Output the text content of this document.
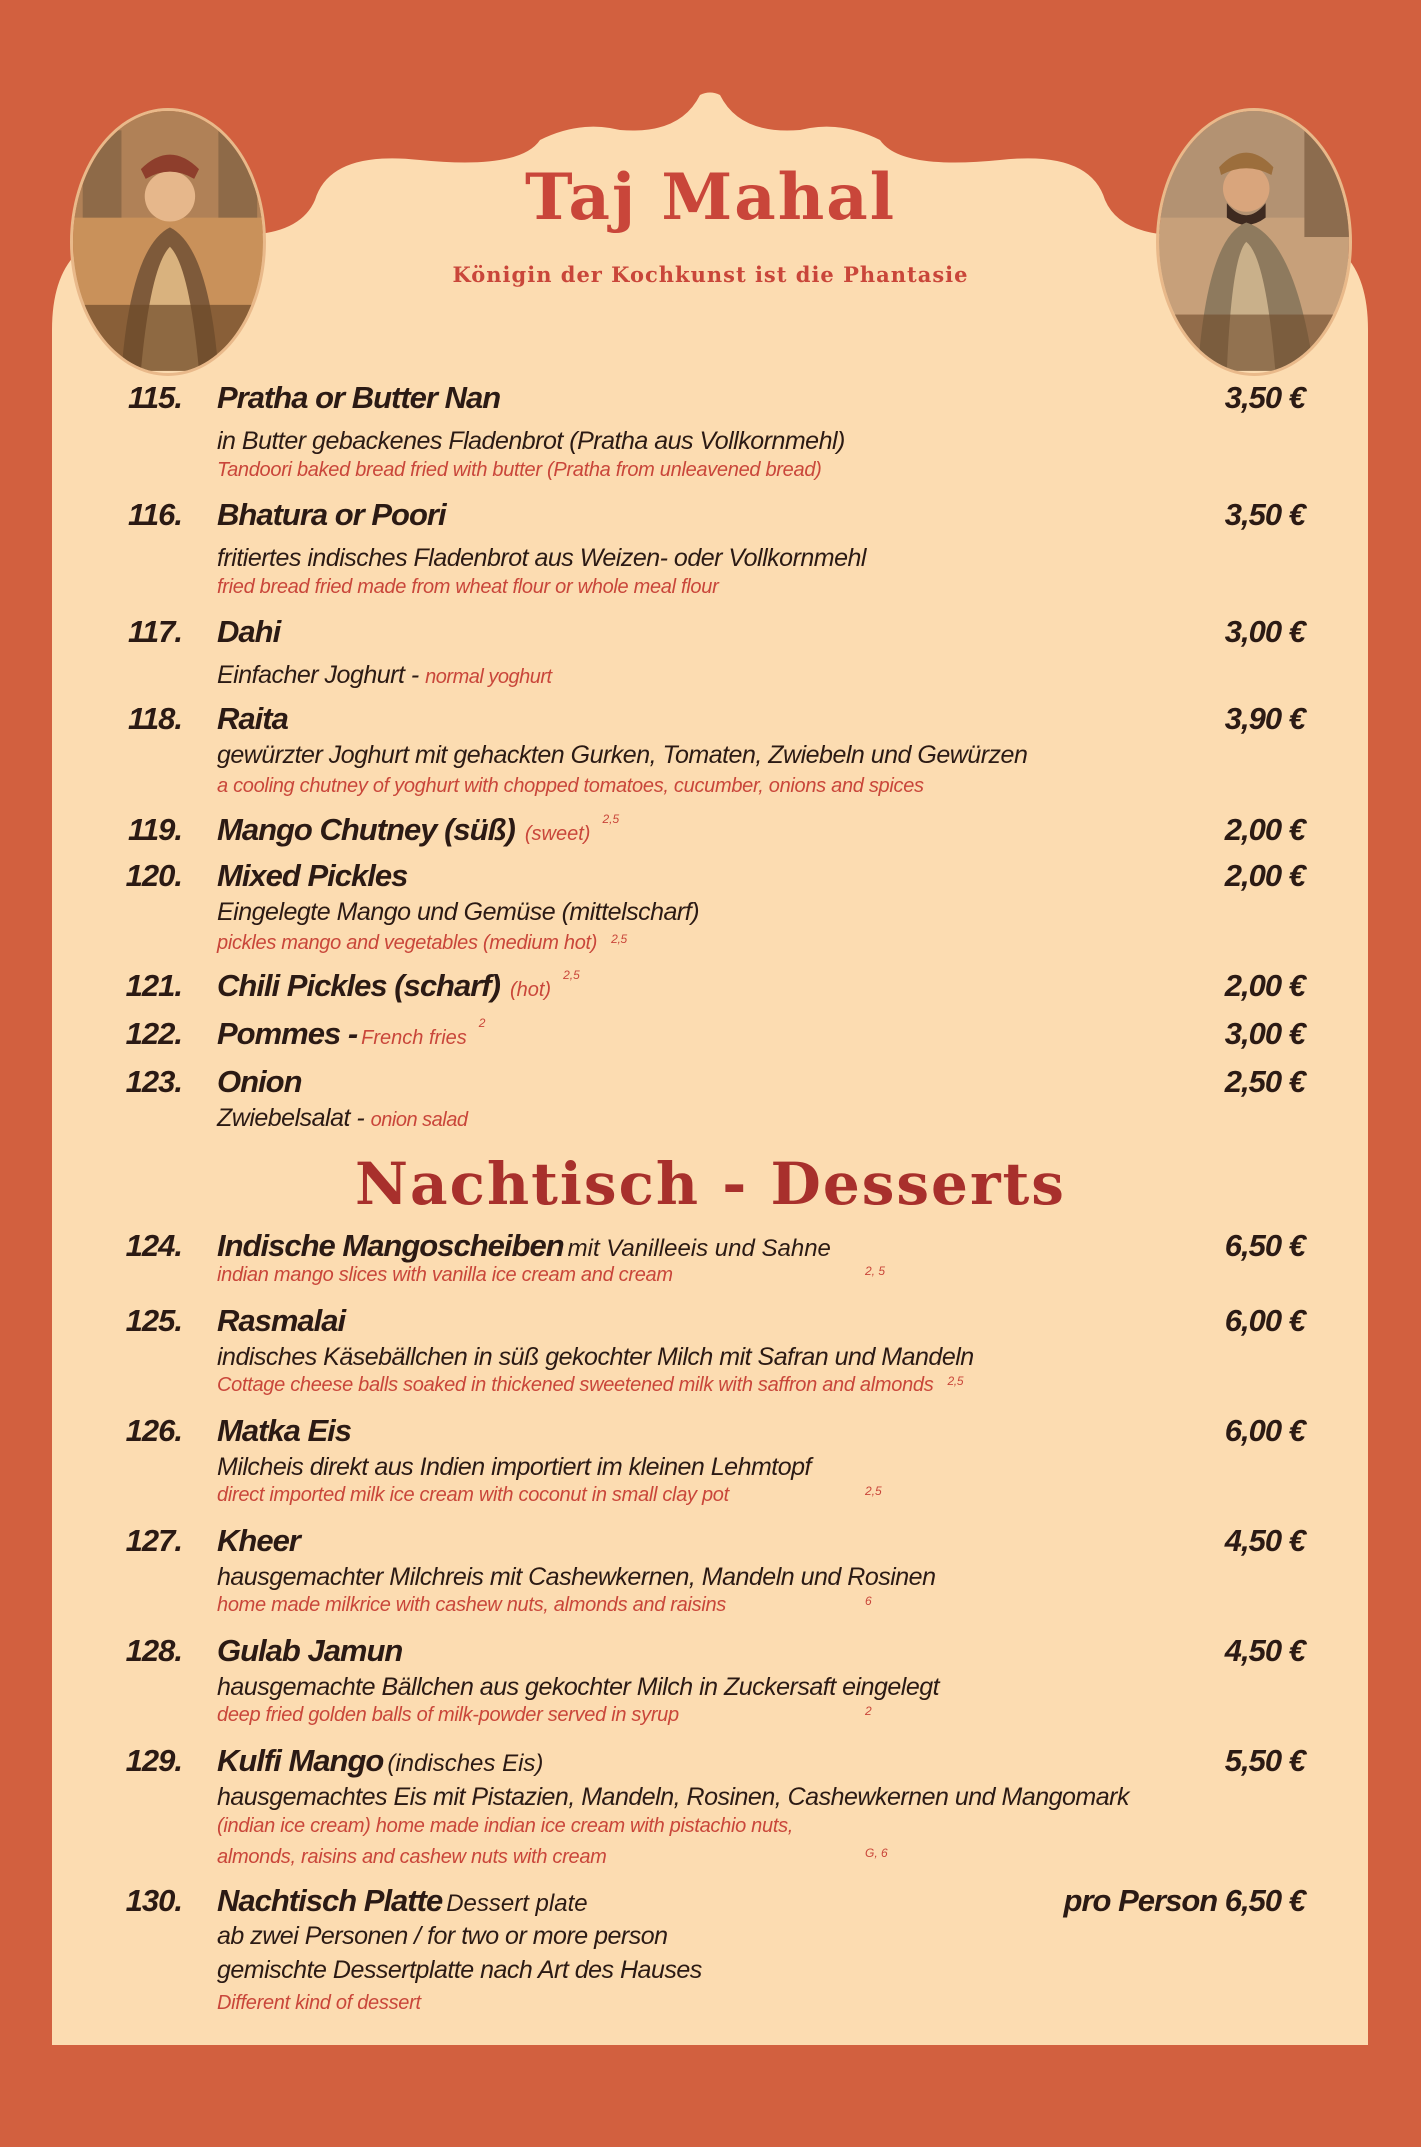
Taj Mahal
Königin der Kochkunst ist die Phantasie
115. Pratha or Butter Nan	3,50 €
in Butter gebackenes Fladenbrot (Pratha aus Vollkornmehl)
Tandoori baked bread fried with butter (Pratha from unleavened bread)
116. Bhatura or Poori	3,50 €
fritiertes indisches Fladenbrot aus Weizen- oder Vollkornmehl
fried bread fried made from wheat flour or whole meal flour
117. Dahi	3,00 €
Einfacher Joghurt - normal yoghurt
118. Raita	3,90 €
gewürzter Joghurt mit gehackten Gurken, Tomaten, Zwiebeln und Gewürzen
a cooling chutney of yoghurt with chopped tomatoes, cucumber, onions and spices
119. Mango Chutney (süß) (sweet)$^{2,5}$	2,00 €
120. Mixed Pickles	2,00 €
Eingelegte Mango und Gemüse (mittelscharf)
pickles mango and vegetables (medium hot) $^{2,5}$
121. Chili Pickles (scharf) (hot)$^{2,5}$	2,00 €
122. Pommes - French fries$^2$	3,00 €
123. Onion	2,50 €
Zwiebelsalat - onion salad
Nachtisch - Desserts
124. Indische Mangoscheiben mit Vanilleeis und Sahne	6,50 €
indian mango slices with vanilla ice cream and cream	2, 5
125. Rasmalai	6,00 €
indisches Käsebällchen in süß gekochter Milch mit Safran und Mandeln
Cottage cheese balls soaked in thickened sweetened milk with saffron and almonds $^{2,5}$
126. Matka Eis	6,00 €
Milcheis direkt aus Indien importiert im kleinen Lehmtopf
direct imported milk ice cream with coconut in small clay pot	2,5
127. Kheer	4,50 €
hausgemachter Milchreis mit Cashewkernen, Mandeln und Rosinen
home made milkrice with cashew nuts, almonds and raisins	6
128. Gulab Jamun	4,50 €
hausgemachte Bällchen aus gekochter Milch in Zuckersaft eingelegt
deep fried golden balls of milk-powder served in syrup	2
129. Kulfi Mango (indisches Eis)	5,50 €
hausgemachtes Eis mit Pistazien, Mandeln, Rosinen, Cashewkernen und Mangomark
(indian ice cream) home made indian ice cream with pistachio nuts,
almonds, raisins and cashew nuts with cream	G, 6
130. Nachtisch Platte Dessert plate	pro Person 6,50 €
ab zwei Personen / for two or more person
gemischte Dessertplatte nach Art des Hauses
Different kind of dessert
